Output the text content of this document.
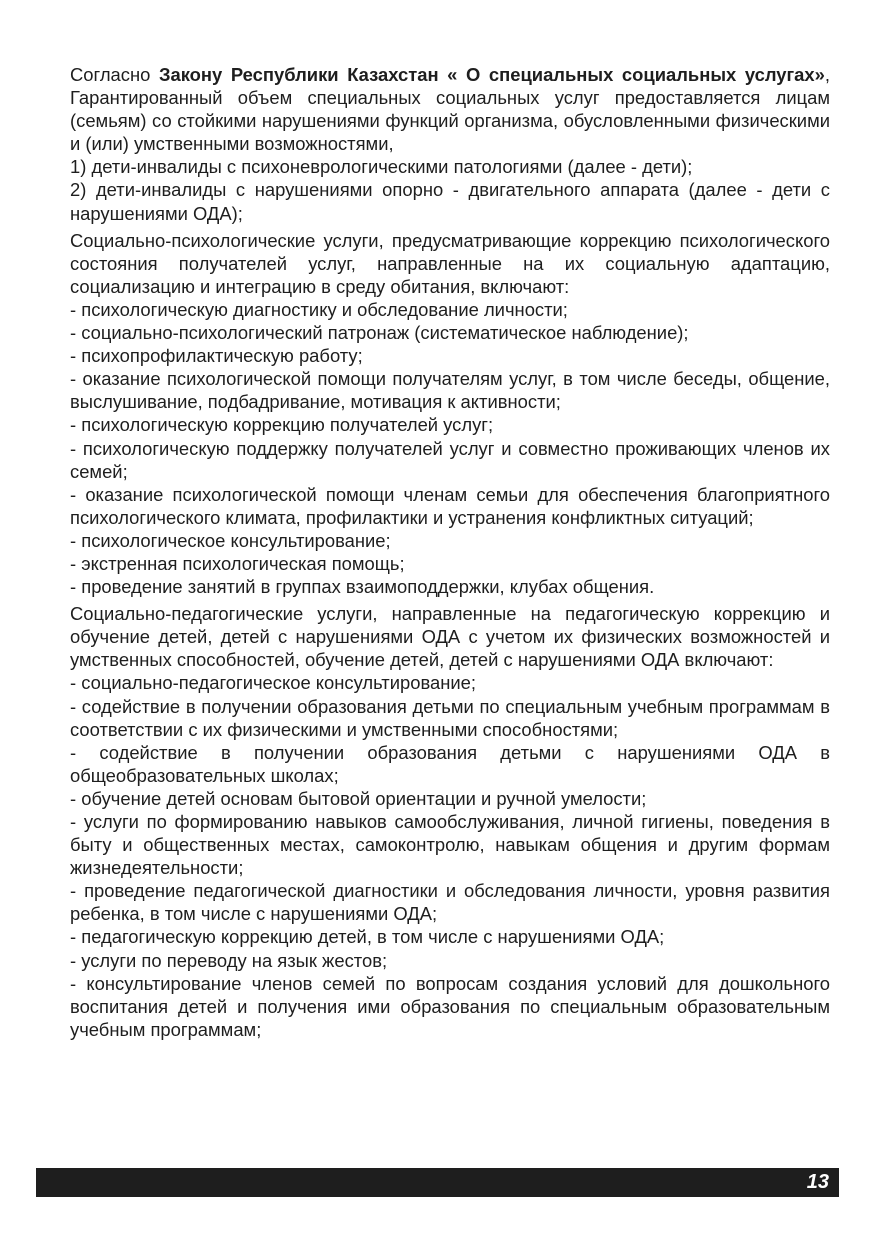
Согласно Закону Республики Казахстан « О специальных социальных услугах», Гарантированный объем специальных социальных услуг предоставляется лицам (семьям) со стойкими нарушениями функций организма, обусловленными физическими и (или) умственными возможностями,

1) дети-инвалиды с психоневрологическими патологиями (далее - дети);
2) дети-инвалиды с нарушениями опорно - двигательного аппарата (далее - дети с нарушениями ОДА);

Социально-психологические услуги, предусматривающие коррекцию психологического состояния получателей услуг, направленные на их социальную адаптацию, социализацию и интеграцию в среду обитания, включают:

- психологическую диагностику и обследование личности;
- социально-психологический патронаж (систематическое наблюдение);
- психопрофилактическую работу;
- оказание психологической помощи получателям услуг, в том числе беседы, общение, выслушивание, подбадривание, мотивация к активности;
- психологическую коррекцию получателей услуг;
- психологическую поддержку получателей услуг и совместно проживающих членов их семей;
- оказание психологической помощи членам семьи для обеспечения благоприятного психологического климата, профилактики и устранения конфликтных ситуаций;
- психологическое консультирование;
- экстренная психологическая помощь;
- проведение занятий в группах взаимоподдержки, клубах общения.

Социально-педагогические услуги, направленные на педагогическую коррекцию и обучение детей, детей с нарушениями ОДА с учетом их физических возможностей и умственных способностей, обучение детей, детей с нарушениями ОДА включают:

- социально-педагогическое консультирование;
- содействие в получении образования детьми по специальным учебным программам в соответствии с их физическими и умственными способностями;
- содействие в получении образования детьми с нарушениями ОДА в общеобразовательных школах;
- обучение детей основам бытовой ориентации и ручной умелости;
- услуги по формированию навыков самообслуживания, личной гигиены, поведения в быту и общественных местах, самоконтролю, навыкам общения и другим формам жизнедеятельности;
- проведение педагогической диагностики и обследования личности, уровня развития ребенка, в том числе с нарушениями ОДА;
- педагогическую коррекцию детей, в том числе с нарушениями ОДА;
- услуги по переводу на язык жестов;
- консультирование членов семей по вопросам создания условий для дошкольного воспитания детей и получения ими образования по специальным образовательным учебным программам;
13
